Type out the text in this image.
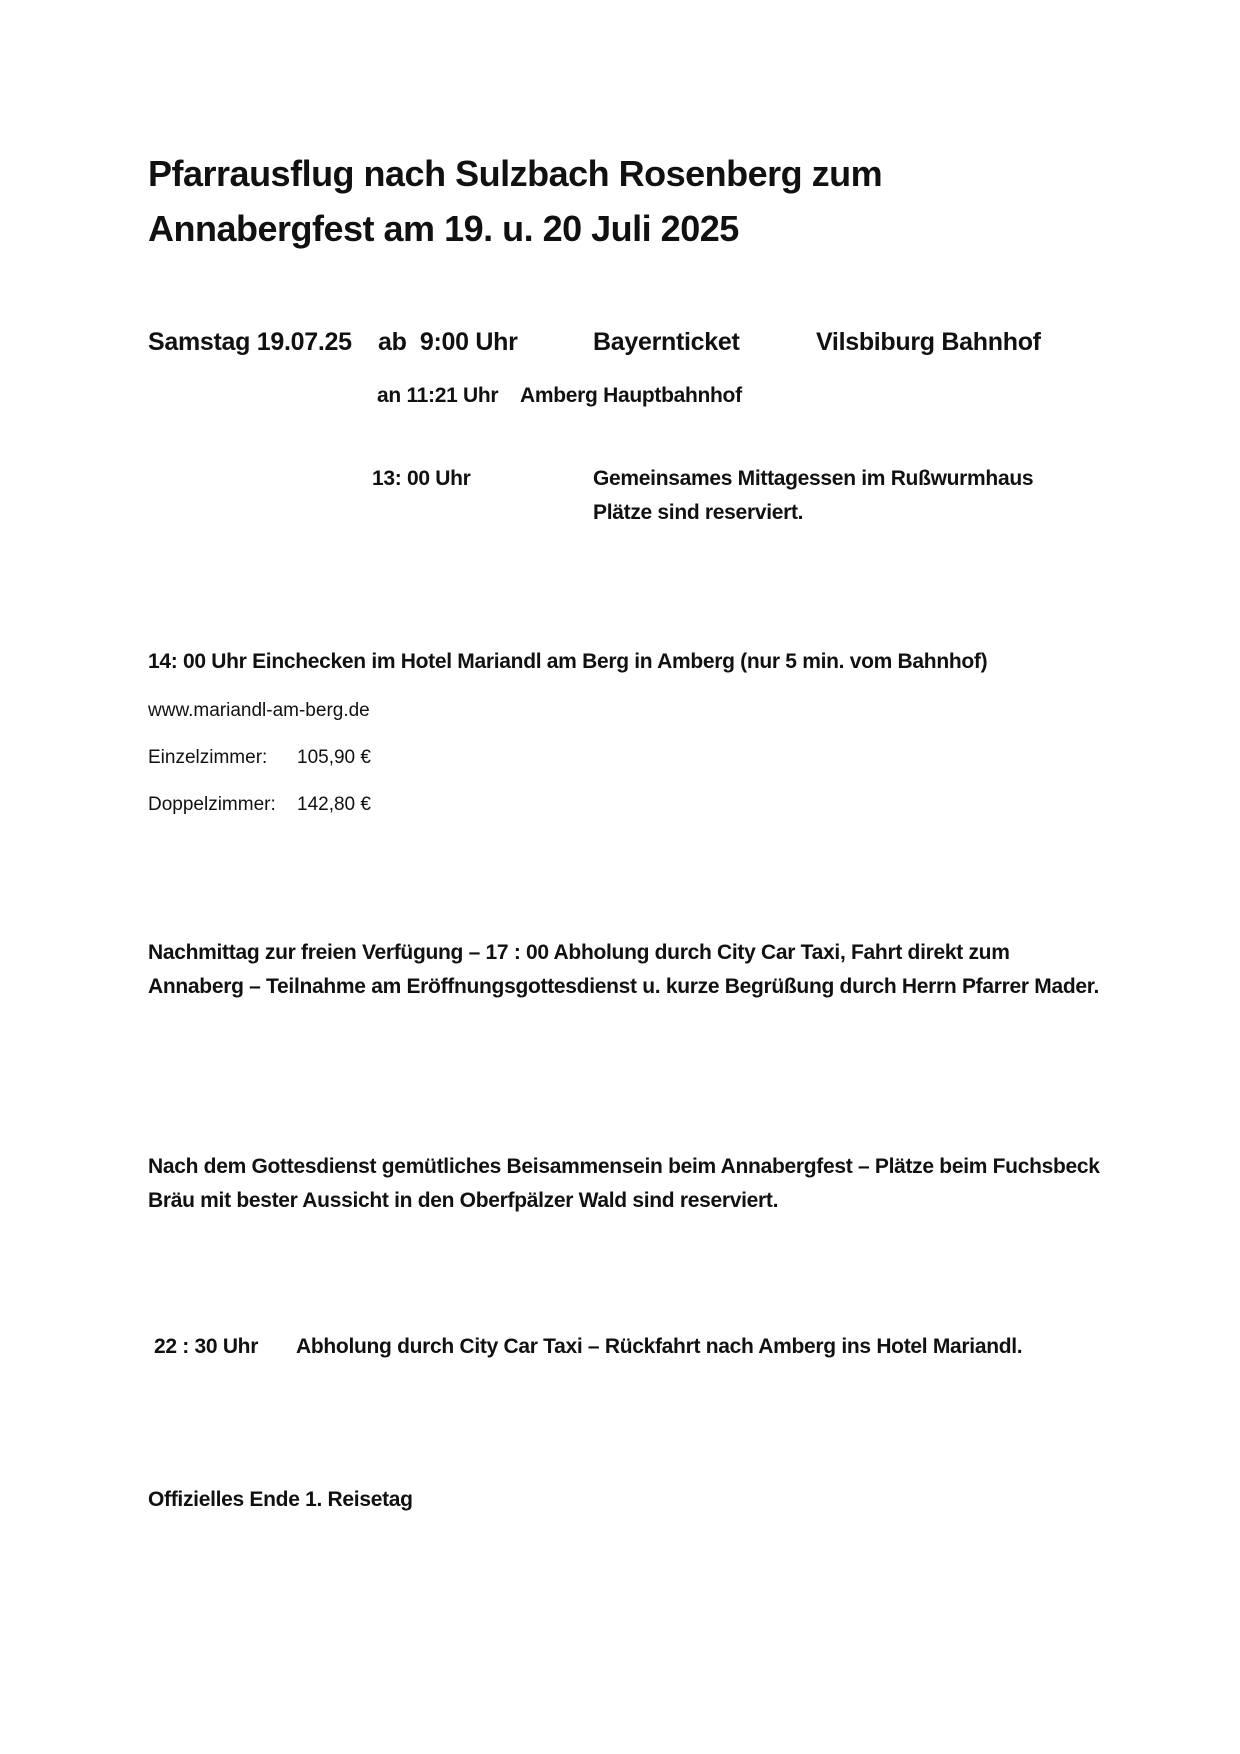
Pfarrausflug nach Sulzbach Rosenberg zum
Annabergfest am 19. u. 20 Juli 2025
Samstag 19.07.25 ab  9:00 Uhr	Bayernticket	Vilsbiburg Bahnhof
an 11:21 Uhr Amberg Hauptbahnhof
13: 00 Uhr	Gemeinsames Mittagessen im Rußwurmhaus
Plätze sind reserviert.
14: 00 Uhr Einchecken im Hotel Mariandl am Berg in Amberg (nur 5 min. vom Bahnhof)
www.mariandl-am-berg.de
Einzelzimmer: 105,90 €
Doppelzimmer: 142,80 €
Nachmittag zur freien Verfügung – 17 : 00 Abholung durch City Car Taxi, Fahrt direkt zum Annaberg – Teilnahme am Eröffnungsgottesdienst u. kurze Begrüßung durch Herrn Pfarrer Mader.
Nach dem Gottesdienst gemütliches Beisammensein beim Annabergfest – Plätze beim Fuchsbeck Bräu mit bester Aussicht in den Oberfpälzer Wald sind reserviert.
22 : 30 Uhr Abholung durch City Car Taxi – Rückfahrt nach Amberg ins Hotel Mariandl.
Offizielles Ende 1. Reisetag
